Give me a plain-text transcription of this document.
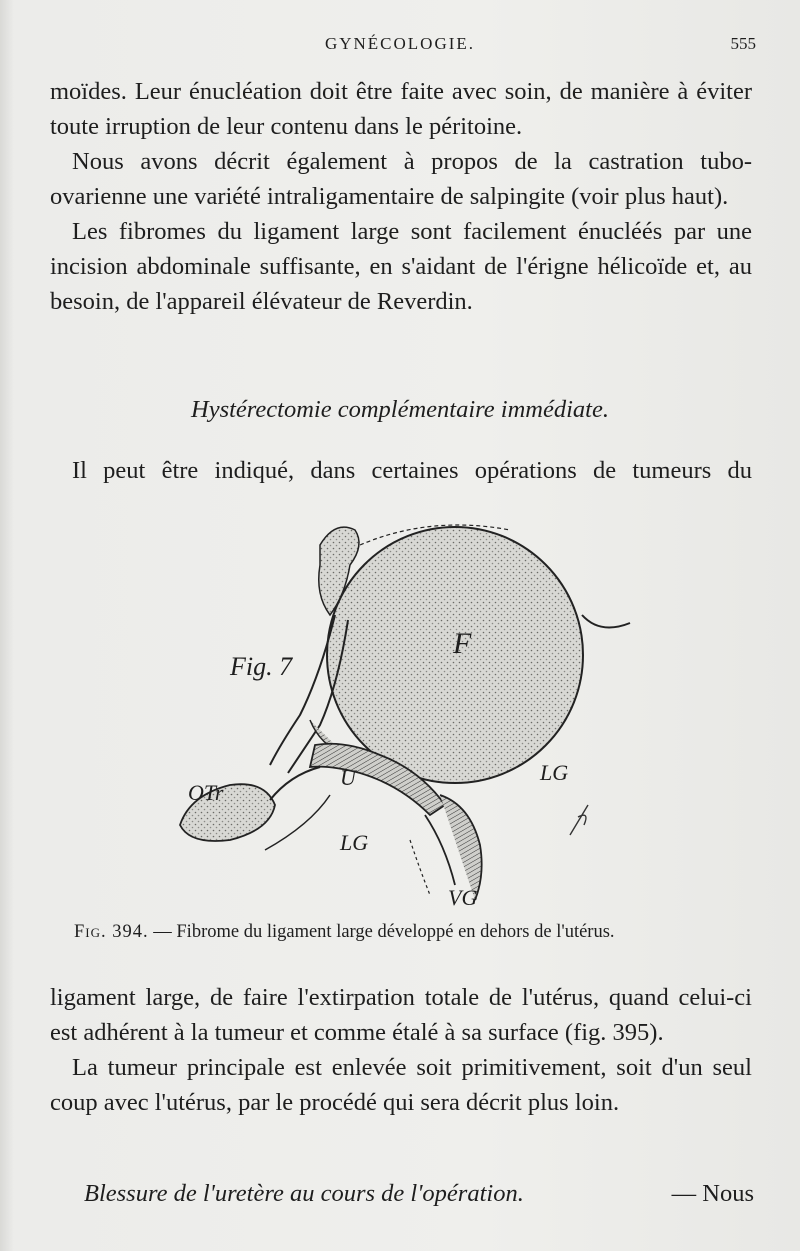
GYNÉCOLOGIE.	555

moïdes. Leur énucléation doit être faite avec soin, de manière à éviter toute irruption de leur contenu dans le péritoine.

Nous avons décrit également à propos de la castration tubo-ovarienne une variété intraligamentaire de salpingite (voir plus haut).

Les fibromes du ligament large sont facilement énucléés par une incision abdominale suffisante, en s'aidant de l'érigne hélicoïde et, au besoin, de l'appareil élévateur de Reverdin.

Hystérectomie complémentaire immédiate.

Il peut être indiqué, dans certaines opérations de tumeurs du

Fig. 7
F
U
OTr
LG
LG
VG
Fig. 394. — Fibrome du ligament large développé en dehors de l'utérus.

ligament large, de faire l'extirpation totale de l'utérus, quand celui-ci est adhérent à la tumeur et comme étalé à sa surface (fig. 395).

La tumeur principale est enlevée soit primitivement, soit d'un seul coup avec l'utérus, par le procédé qui sera décrit plus loin.

Blessure de l'uretère au cours de l'opération.	— Nous
